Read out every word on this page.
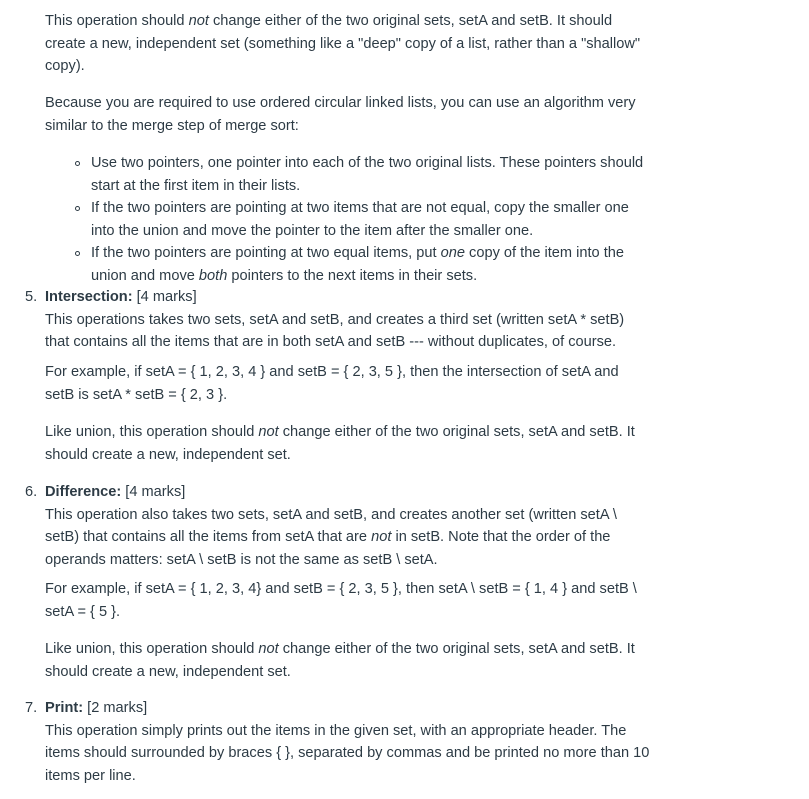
This operation should not change either of the two original sets, setA and setB. It should
create a new, independent set (something like a "deep" copy of a list, rather than a "shallow"
copy).
Because you are required to use ordered circular linked lists, you can use an algorithm very
similar to the merge step of merge sort:
Use two pointers, one pointer into each of the two original lists. These pointers should
start at the first item in their lists.
If the two pointers are pointing at two items that are not equal, copy the smaller one
into the union and move the pointer to the item after the smaller one.
If the two pointers are pointing at two equal items, put one copy of the item into the
union and move both pointers to the next items in their sets.
5. Intersection: [4 marks]
This operations takes two sets, setA and setB, and creates a third set (written setA * setB)
that contains all the items that are in both setA and setB --- without duplicates, of course.
For example, if setA = { 1, 2, 3, 4 } and setB = { 2, 3, 5 }, then the intersection of setA and
setB is setA * setB = { 2, 3 }.
Like union, this operation should not change either of the two original sets, setA and setB. It
should create a new, independent set.
6. Difference: [4 marks]
This operation also takes two sets, setA and setB, and creates another set (written setA \
setB) that contains all the items from setA that are not in setB. Note that the order of the
operands matters: setA \ setB is not the same as setB \ setA.
For example, if setA = { 1, 2, 3, 4} and setB = { 2, 3, 5 }, then setA \ setB = { 1, 4 } and setB \
setA = { 5 }.
Like union, this operation should not change either of the two original sets, setA and setB. It
should create a new, independent set.
7. Print: [2 marks]
This operation simply prints out the items in the given set, with an appropriate header. The
items should surrounded by braces { }, separated by commas and be printed no more than 10
items per line.
